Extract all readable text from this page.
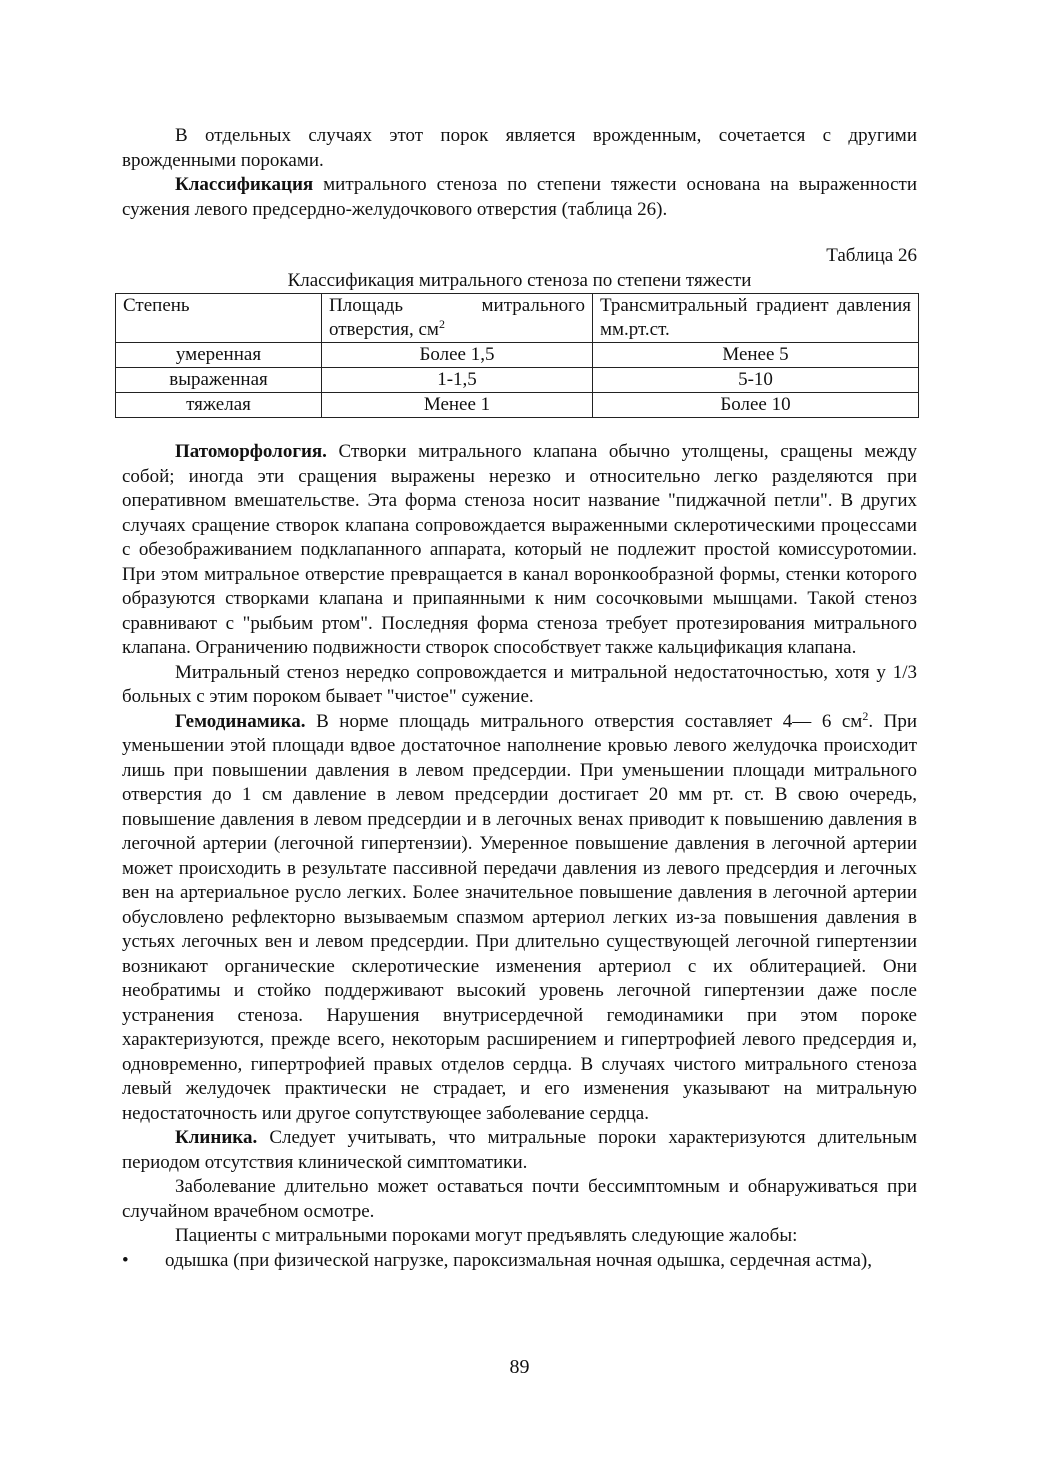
В отдельных случаях этот порок является врожденным, сочетается с другими врожденными пороками.

Классификация митрального стеноза по степени тяжести основана на выраженности сужения левого предсердно-желудочкового отверстия (таблица 26).

Таблица 26

Классификация митрального стеноза по степени тяжести

Степень	Площадь митрального отверстия, $см^2$	Трансмитральный градиент давления мм.рт.ст.
умеренная	Более 1,5	Менее 5
выраженная	1-1,5	5-10
тяжелая	Менее 1	Более 10

Патоморфология. Створки митрального клапана обычно утолщены, сращены между собой; иногда эти сращения выражены нерезко и относительно легко разделяются при оперативном вмешательстве. Эта форма стеноза носит название "пиджачной петли". В других случаях сращение створок клапана сопровождается выраженными склеротическими процессами с обезображиванием подклапанного аппарата, который не подлежит простой комиссуротомии. При этом митральное отверстие превращается в канал воронкообразной формы, стенки которого образуются створками клапана и припаянными к ним сосочковыми мышцами. Такой стеноз сравнивают с "рыбьим ртом". Последняя форма стеноза требует протезирования митрального клапана. Ограничению подвижности створок способствует также кальцификация клапана.

Митральный стеноз нередко сопровождается и митральной недостаточностью, хотя у 1/3 больных с этим пороком бывает "чистое" сужение.

Гемодинамика. В норме площадь митрального отверстия составляет 4— 6 $см^2$. При уменьшении этой площади вдвое достаточное наполнение кровью левого желудочка происходит лишь при повышении давления в левом предсердии. При уменьшении площади митрального отверстия до 1 см давление в левом предсердии достигает 20 мм рт. ст. В свою очередь, повышение давления в левом предсердии и в легочных венах приводит к повышению давления в легочной артерии (легочной гипертензии). Умеренное повышение давления в легочной артерии может происходить в результате пассивной передачи давления из левого предсердия и легочных вен на артериальное русло легких. Более значительное повышение давления в легочной артерии обусловлено рефлекторно вызываемым спазмом артериол легких из-за повышения давления в устьях легочных вен и левом предсердии. При длительно существующей легочной гипертензии возникают органические склеротические изменения артериол с их облитерацией. Они необратимы и стойко поддерживают высокий уровень легочной гипертензии даже после устранения стеноза. Нарушения внутрисердечной гемодинамики при этом пороке характеризуются, прежде всего, некоторым расширением и гипертрофией левого предсердия и, одновременно, гипертрофией правых отделов сердца. В случаях чистого митрального стеноза левый желудочек практически не страдает, и его изменения указывают на митральную недостаточность или другое сопутствующее заболевание сердца.

Клиника. Следует учитывать, что митральные пороки характеризуются длительным периодом отсутствия клинической симптоматики.

Заболевание длительно может оставаться почти бессимптомным и обнаруживаться при случайном врачебном осмотре.

Пациенты с митральными пороками могут предъявлять следующие жалобы:

• одышка (при физической нагрузке, пароксизмальная ночная одышка, сердечная астма),
89
